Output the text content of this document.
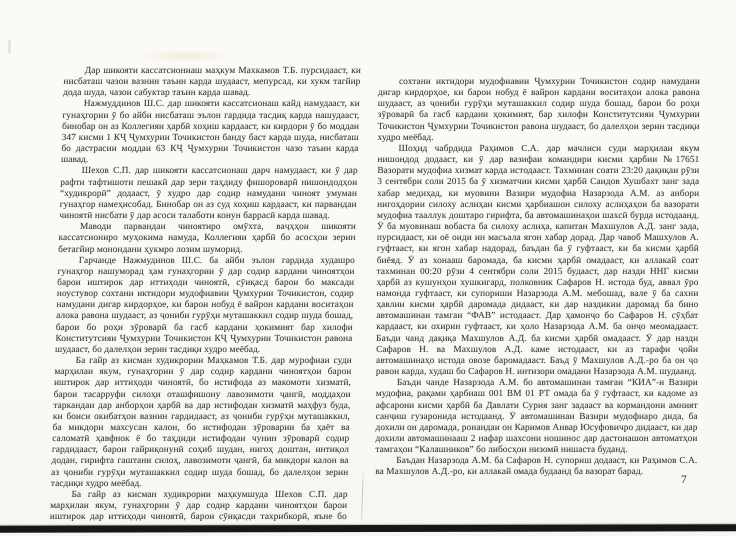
Дар шикояти кассатсиониаш маҳкум Махкамов Т.Б. пурсидааст, ки нисбаташ чазои вазнин таъин карда шудааст, мепурсад, ки хукм тагйир дода шуда, чазои сабуктар таъин карда шавад.

Нажмуддинов Ш.С. дар шикояти кассатсионаш кайд намудааст, ки гунаҳгории ӯ бо айби нисбаташ эълон гардида тасдиқ карда нашудааст, бинобар он аз Коллегияи ҳарбӣ хоҳиш кардааст, ки кирдори ӯ бо моддаи 347 кисми 1 КҶ Ҷумхурии Точикистон банду баст карда шуда, нисбаташ бо дастрасии моддаи 63 КҶ Ҷумхурии Точикистон чазо таъин карда шавад.

Шехов С.П. дар шикояти кассатсионаш дарч намудааст, ки ӯ дар рафти тафтишоти пешакӣ дар зери таҳдиду фишороварӣ нишондодҳои “худикрорӣ” додааст, ӯ худро дар содир намудани чиноят умуман гунаҳгор намеҳисобад. Бинобар он аз суд хоҳиш кардааст, ки парвандаи чиноятӣ нисбати ӯ дар асоси талаботи конун баррасӣ карда шавад.

Маводи парвандаи чиноятиро омӯхта, ваҷҳҳои шикояти кассатсиониро муҳокима намуда, Коллегияи ҳарбӣ бо асосҳои зерин бетагйир монондани ҳукмро лозим шуморид.

Гарчанде Нажмудинов Ш.С. ба айби эълон гардида худашро гунаҳгор нашуморад ҳам гунаҳгории ӯ дар содир кардани чиноятҳои барои иштирок дар иттиҳоди чиноятӣ, сӯиқасд барои бо максади ноустувор сохтани иктидори мудофиавии Ҷумхурии Точикистон, содир намудани дигар кирдорҳое, ки барои нобуд ё вайрон кардани воситаҳои алока равона шудааст, аз ҷониби гурӯҳи муташаккил содир шуда бошад, барои бо роҳи зӯроварӣ ба гасб кардани ҳокимият бар хилофи Конститутсияи Ҷумхурии Точикистон КҶ Ҷумхурии Точикистон равона шудааст, бо далелҳои зерин тасдиқи худро меёбад.

Ба гайр аз кисман худикрории Маҳкамов Т.Б. дар мурофиаи суди марҳилаи якум, гунаҳгории ӯ дар содир кардани чиноятҳои барои иштирок дар иттиҳоди чиноятӣ, бо истифода аз макомоти хизматӣ, барои тасарруфи силоҳи оташфишону лавозимоти ҷангӣ, моддаҳои таркандаи дар анборҳои ҳарбӣ ва дар истифодаи хизматӣ маҳфуз буда, ки боиси окибатҳои вазнин гардидааст, аз ҷониби гурӯҳи муташаккил, ба микдори махсусан калон, бо истифодаи зӯроварии ба ҳаёт ва саломатӣ ҳавфнок ё бо таҳдиди истифодаи чунин зӯроварӣ содир гардидааст, барои гайриқонунӣ соҳиб шудан, нигоҳ доштан, интиқол додан, гирифта гаштани силоҳ, лавозимоти ҷангӣ, ба микдори калон ва аз ҷониби гурӯҳи муташаккил содир шуда бошад, бо далелҳои зерин тасдиқи худро меёбад.

Ба гайр аз кисман худикрории маҳкумшуда Шехов С.П. дар марҳилаи якум, гунаҳгории ӯ дар содир кардани чиноятҳои барои иштирок дар иттиҳоди чиноятӣ, барои сӯиқасди тахрибкорӣ, яъне бо

сохтани иктидори мудофиавии Ҷумхурии Точикистон содир намудани дигар кирдорҳое, ки барои нобуд ё вайрон кардани воситаҳои алока равона шудааст, аз ҷониби гурӯҳи муташаккил содир шуда бошад, барои бо роҳи зӯроварӣ ба гасб кардани ҳокимият, бар хилофи Конститутсияи Ҷумхурии Точикистон Ҷумхурии Точикистон равона шудааст, бо далелҳои зерин тасдиқи худро меёбад.

Шоҳид чабрдида Раҳимов С.А. дар мачлиси суди марҳилаи якум нишондод додааст, ки ӯ дар вазифаи командири кисми ҳарбии №17651 Вазорати мудофиа хизмат карда истодааст. Тахминан соати 23:20 дақиқаи рӯзи 3 сентябри соли 2015 ба ӯ хизматчии кисми ҳарбӣ Саидов Хушбахт занг зада хабар медиҳад, ки муовини Вазири мудофиа Назарзода А.М. аз анбори нигоҳдории силоху аслиҳаи кисми ҳарбиашон силоху аслиҳаҳои ба вазорати мудофиа тааллук доштаро гирифта, ба автомашинаҳои шахсӣ бурда истодаанд. Ӯ ба муовинаш вобаста ба силоху аслиҳа, капитан Махшулов А.Д. занг зада, пурсидааст, ки оё оиди ин масъала ягон хабар дорад. Дар чавоб Машхулов А. гуфтааст, ки ягон хабар надорад, баъдан ба ӯ гуфтааст, ки ба кисми ҳарбӣ биёяд. Ӯ аз хонааш баромада, ба кисми ҳарбӣ омадааст, ки аллакай соат тахминан 00:20 рӯзи 4 сентябри соли 2015 будааст, дар назди ННГ кисми ҳарбӣ аз кушунҳои хушкигард, полковник Сафаров Н. истода буд, аввал ӯро намонда гуфтааст, ки супориши Назарзода А.М. мебошад, вале ӯ ба сахни ҳавлии кисми ҳарбӣ даромада дидааст, ки дар наздикии даромад ба бино автомашинаи тамгаи “ФАВ” истодааст. Дар ҳамонҷо бо Сафаров Н. сӯҳбат кардааст, ки охирин гуфтааст, ки ҳоло Назарзода А.М. ба онҷо меомадааст. Баъди чанд дақиқа Махшулов А.Д. ба кисми ҳарбӣ омадааст. Ӯ дар назди Сафаров Н. ва Махшулов А.Д. каме истодааст, ки аз тарафи ҷойи автомашинаҳо истода овозе баромадааст. Баъд ӯ Махшулов А.Д.-ро ба он ҷо равон карда, худаш бо Сафаров Н. интизори омадани Назарзода А.М. шудаанд.

Баъди чанде Назарзода А.М. бо автомашинаи тамғаи “КИА”-и Вазири мудофиа, рақами ҳарбиаш 001 ВМ 01 РТ омада ба ӯ гуфтааст, ки кадоме аз афсарони кисми ҳарбӣ ба Давлати Сурия занг задааст ва кормандони амният санҷиш гузаронида истодаанд. Ӯ автомашинаи Вазири мудофиаро дида, ба дохили он даромада, ронандаи он Каримов Анвар Юсуфовичро дидааст, ки дар дохили автомашинааш 2 нафар шахсони ношинос дар дастонашон автоматҳои тамгаҳои “Калашников” бо либосҳои низомӣ нишаста буданд.

Баъдан Назарзода А.М. ба Сафаров Н. супориш додааст, ки Раҳимов С.А. ва Махшулов А.Д.-ро, ки аллакай омада будаанд ба вазорат барад.

7
